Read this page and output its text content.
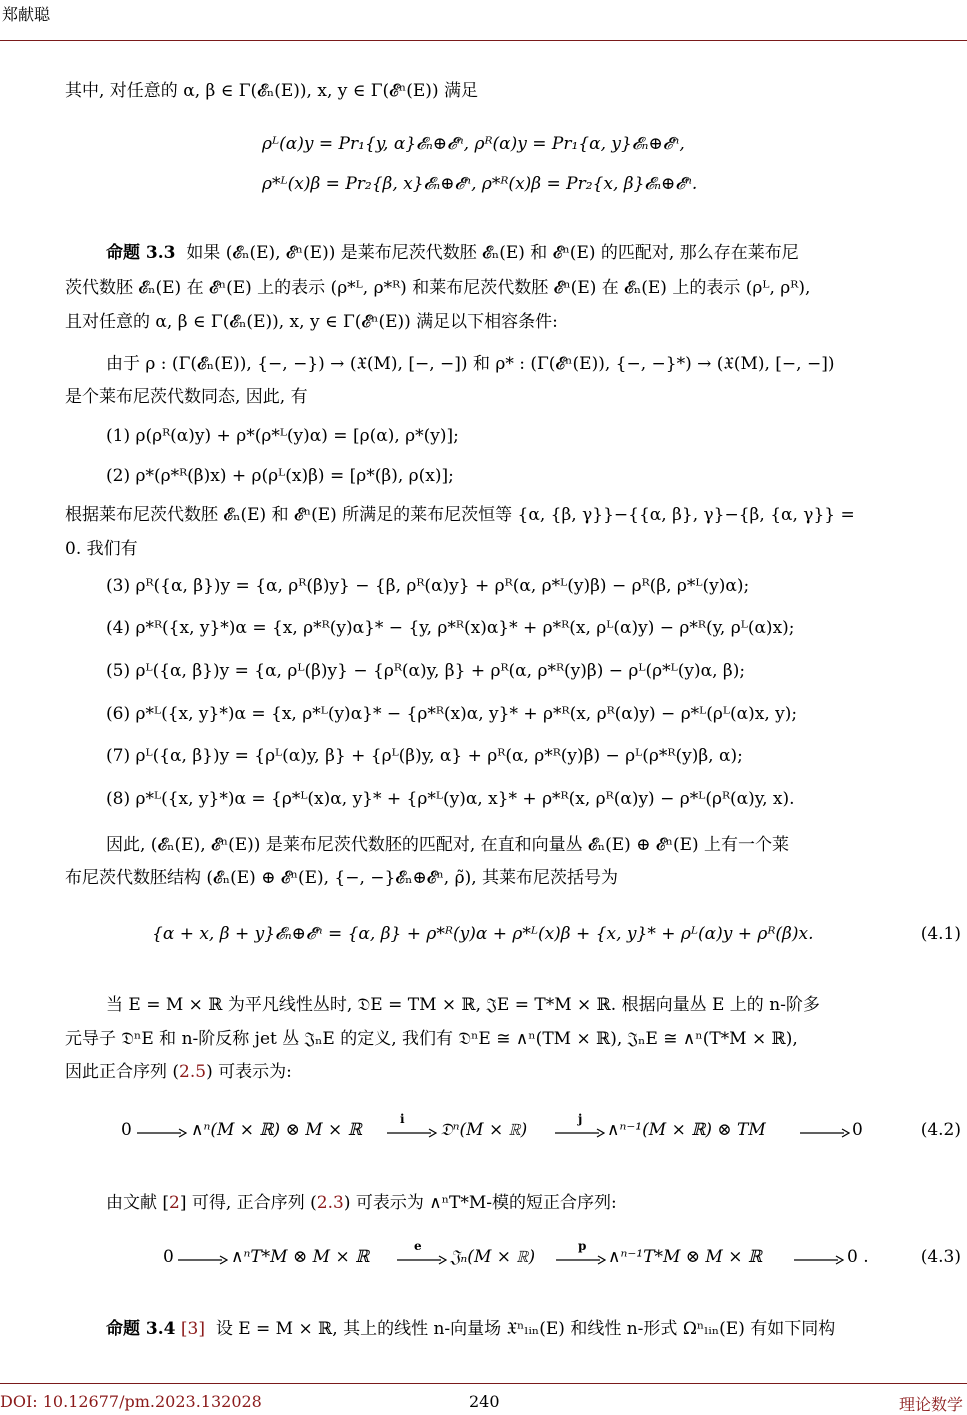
郑献聪
其中, 对任意的 α, β ∈ Γ(𝓔ₙ(E)), x, y ∈ Γ(𝓔ⁿ(E)) 满足
ρᴸ(α)y = Pr₁{y, α}𝓔ₙ⊕𝓔ⁿ, ρᴿ(α)y = Pr₁{α, y}𝓔ₙ⊕𝓔ⁿ,
ρ*ᴸ(x)β = Pr₂{β, x}𝓔ₙ⊕𝓔ⁿ, ρ*ᴿ(x)β = Pr₂{x, β}𝓔ₙ⊕𝓔ⁿ.
命题 3.3 如果 (𝓔ₙ(E), 𝓔ⁿ(E)) 是莱布尼茨代数胚 𝓔ₙ(E) 和 𝓔ⁿ(E) 的匹配对, 那么存在莱布尼
茨代数胚 𝓔ₙ(E) 在 𝓔ⁿ(E) 上的表示 (ρ*ᴸ, ρ*ᴿ) 和莱布尼茨代数胚 𝓔ⁿ(E) 在 𝓔ₙ(E) 上的表示 (ρᴸ, ρᴿ),
且对任意的 α, β ∈ Γ(𝓔ₙ(E)), x, y ∈ Γ(𝓔ⁿ(E)) 满足以下相容条件:
由于 ρ : (Γ(𝓔ₙ(E)), {−, −}) → (𝔛(M), [−, −]) 和 ρ* : (Γ(𝓔ⁿ(E)), {−, −}*) → (𝔛(M), [−, −])
是个莱布尼茨代数同态, 因此, 有
(1) ρ(ρᴿ(α)y) + ρ*(ρ*ᴸ(y)α) = [ρ(α), ρ*(y)];
(2) ρ*(ρ*ᴿ(β)x) + ρ(ρᴸ(x)β) = [ρ*(β), ρ(x)];
根据莱布尼茨代数胚 𝓔ₙ(E) 和 𝓔ⁿ(E) 所满足的莱布尼茨恒等 {α, {β, γ}}−{{α, β}, γ}−{β, {α, γ}} =
0. 我们有
(3) ρᴿ({α, β})y = {α, ρᴿ(β)y} − {β, ρᴿ(α)y} + ρᴿ(α, ρ*ᴸ(y)β) − ρᴿ(β, ρ*ᴸ(y)α);
(4) ρ*ᴿ({x, y}*)α = {x, ρ*ᴿ(y)α}* − {y, ρ*ᴿ(x)α}* + ρ*ᴿ(x, ρᴸ(α)y) − ρ*ᴿ(y, ρᴸ(α)x);
(5) ρᴸ({α, β})y = {α, ρᴸ(β)y} − {ρᴿ(α)y, β} + ρᴿ(α, ρ*ᴿ(y)β) − ρᴸ(ρ*ᴸ(y)α, β);
(6) ρ*ᴸ({x, y}*)α = {x, ρ*ᴸ(y)α}* − {ρ*ᴿ(x)α, y}* + ρ*ᴿ(x, ρᴿ(α)y) − ρ*ᴸ(ρᴸ(α)x, y);
(7) ρᴸ({α, β})y = {ρᴸ(α)y, β} + {ρᴸ(β)y, α} + ρᴿ(α, ρ*ᴿ(y)β) − ρᴸ(ρ*ᴿ(y)β, α);
(8) ρ*ᴸ({x, y}*)α = {ρ*ᴸ(x)α, y}* + {ρ*ᴸ(y)α, x}* + ρ*ᴿ(x, ρᴿ(α)y) − ρ*ᴸ(ρᴿ(α)y, x).
因此, (𝓔ₙ(E), 𝓔ⁿ(E)) 是莱布尼茨代数胚的匹配对, 在直和向量丛 𝓔ₙ(E) ⊕ 𝓔ⁿ(E) 上有一个莱
布尼茨代数胚结构 (𝓔ₙ(E) ⊕ 𝓔ⁿ(E), {−, −}𝓔ₙ⊕𝓔ⁿ, ρ̃), 其莱布尼茨括号为
{α + x, β + y}𝓔ₙ⊕𝓔ⁿ = {α, β} + ρ*ᴿ(y)α + ρ*ᴸ(x)β + {x, y}* + ρᴸ(α)y + ρᴿ(β)x.	(4.1)
当 E = M × ℝ 为平凡线性丛时, 𝔇E = TM × ℝ, 𝔍E = T*M × ℝ. 根据向量丛 E 上的 n-阶多
元导子 𝔇ⁿE 和 n-阶反称 jet 丛 𝔍ₙE 的定义, 我们有 𝔇ⁿE ≅ ∧ⁿ(TM × ℝ), 𝔍ₙE ≅ ∧ⁿ(T*M × ℝ),
因此正合序列 (2.5) 可表示为:
0	∧ⁿ(M × ℝ) ⊗ M × ℝ
i
𝔇ⁿ(M × ℝ)
j
∧ⁿ⁻¹(M × ℝ) ⊗ TM	0	(4.2)
由文献 [2] 可得, 正合序列 (2.3) 可表示为 ∧ⁿT*M-模的短正合序列:
0	∧ⁿT*M ⊗ M × ℝ
e
𝔍ₙ(M × ℝ)
p
∧ⁿ⁻¹T*M ⊗ M × ℝ	0 .	(4.3)
命题 3.4 [3] 设 E = M × ℝ, 其上的线性 n-向量场 𝔛ⁿₗᵢₙ(E) 和线性 n-形式 Ωⁿₗᵢₙ(E) 有如下同构
DOI: 10.12677/pm.2023.132028	240	理论数学
